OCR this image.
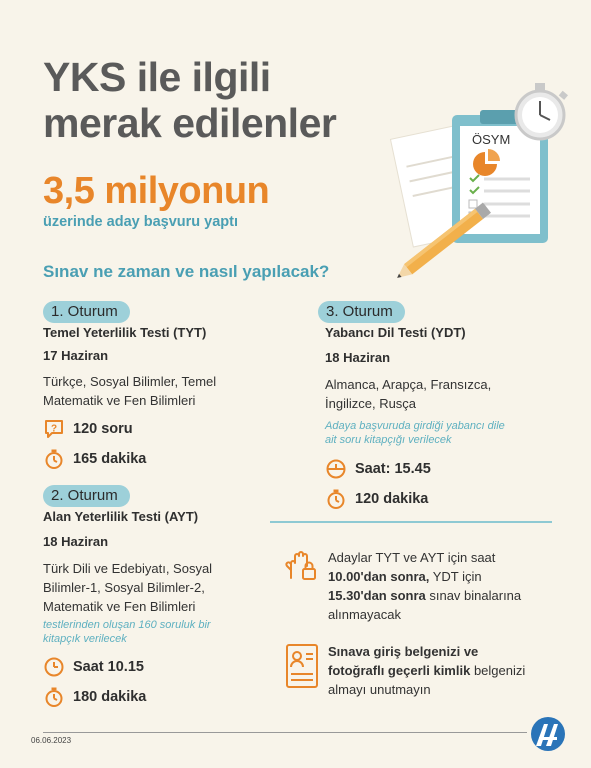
YKS ile ilgili
merak edilenler
3,5 milyonun
üzerinde aday başvuru yaptı
ÖSYM
Sınav ne zaman ve nasıl yapılacak?
1. Oturum
Temel Yeterlilik Testi (TYT)
17 Haziran
Türkçe, Sosyal Bilimler, Temel
Matematik ve Fen Bilimleri
? 120 soru
165 dakika
2. Oturum
Alan Yeterlilik Testi (AYT)
18 Haziran
Türk Dili ve Edebiyatı, Sosyal
Bilimler-1, Sosyal Bilimler-2,
Matematik ve Fen Bilimleri
testlerinden oluşan 160 soruluk bir
kitapçık verilecek
Saat 10.15
180 dakika
3. Oturum
Yabancı Dil Testi (YDT)
18 Haziran
Almanca, Arapça, Fransızca,
İngilizce, Rusça
Adaya başvuruda girdiği yabancı dile
ait soru kitapçığı verilecek
Saat: 15.45
120 dakika
Adaylar TYT ve AYT için saat
10.00'dan sonra, YDT için
15.30'dan sonra sınav binalarına
alınmayacak
Sınava giriş belgenizi ve
fotoğraflı geçerli kimlik belgenizi
almayı unutmayın
06.06.2023
